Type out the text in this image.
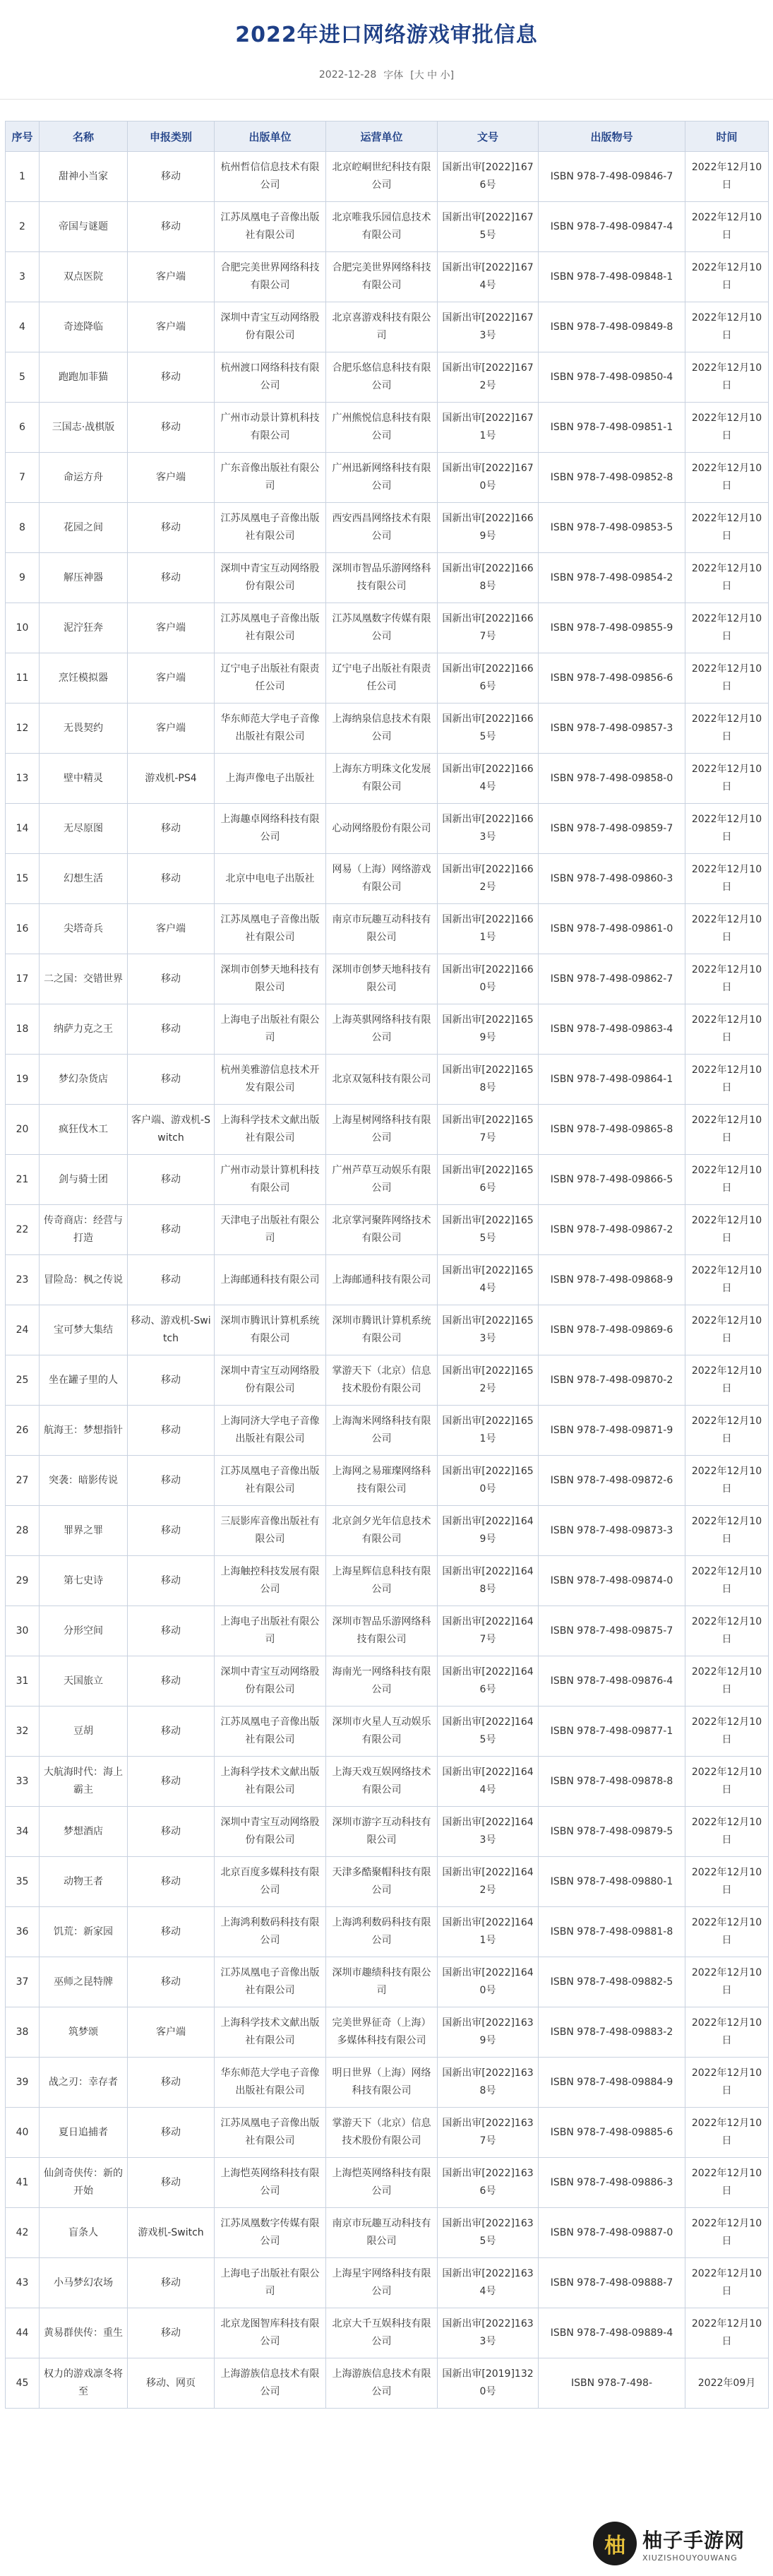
2022年进口网络游戏审批信息
2022-12-28 字体 [大 中 小]
序号	名称	申报类别	出版单位	运营单位	文号	出版物号	时间
1	甜神小当家	移动	杭州哲信信息技术有限公司	北京崆峒世纪科技有限公司	国新出审[2022]1676号	ISBN 978-7-498-09846-7	2022年12月10日
2	帝国与谜题	移动	江苏凤凰电子音像出版社有限公司	北京唯我乐园信息技术有限公司	国新出审[2022]1675号	ISBN 978-7-498-09847-4	2022年12月10日
3	双点医院	客户端	合肥完美世界网络科技有限公司	合肥完美世界网络科技有限公司	国新出审[2022]1674号	ISBN 978-7-498-09848-1	2022年12月10日
4	奇迹降临	客户端	深圳中青宝互动网络股份有限公司	北京喜游戏科技有限公司	国新出审[2022]1673号	ISBN 978-7-498-09849-8	2022年12月10日
5	跑跑加菲猫	移动	杭州渡口网络科技有限公司	合肥乐悠信息科技有限公司	国新出审[2022]1672号	ISBN 978-7-498-09850-4	2022年12月10日
6	三国志·战棋版	移动	广州市动景计算机科技有限公司	广州熊悦信息科技有限公司	国新出审[2022]1671号	ISBN 978-7-498-09851-1	2022年12月10日
7	命运方舟	客户端	广东音像出版社有限公司	广州迅新网络科技有限公司	国新出审[2022]1670号	ISBN 978-7-498-09852-8	2022年12月10日
8	花园之间	移动	江苏凤凰电子音像出版社有限公司	西安西昌网络技术有限公司	国新出审[2022]1669号	ISBN 978-7-498-09853-5	2022年12月10日
9	解压神器	移动	深圳中青宝互动网络股份有限公司	深圳市智品乐游网络科技有限公司	国新出审[2022]1668号	ISBN 978-7-498-09854-2	2022年12月10日
10	泥泞狂奔	客户端	江苏凤凰电子音像出版社有限公司	江苏凤凰数字传媒有限公司	国新出审[2022]1667号	ISBN 978-7-498-09855-9	2022年12月10日
11	烹饪模拟器	客户端	辽宁电子出版社有限责任公司	辽宁电子出版社有限责任公司	国新出审[2022]1666号	ISBN 978-7-498-09856-6	2022年12月10日
12	无畏契约	客户端	华东师范大学电子音像出版社有限公司	上海纳泉信息技术有限公司	国新出审[2022]1665号	ISBN 978-7-498-09857-3	2022年12月10日
13	壁中精灵	游戏机-PS4	上海声像电子出版社	上海东方明珠文化发展有限公司	国新出审[2022]1664号	ISBN 978-7-498-09858-0	2022年12月10日
14	无尽原图	移动	上海趣卓网络科技有限公司	心动网络股份有限公司	国新出审[2022]1663号	ISBN 978-7-498-09859-7	2022年12月10日
15	幻想生活	移动	北京中电电子出版社	网易（上海）网络游戏有限公司	国新出审[2022]1662号	ISBN 978-7-498-09860-3	2022年12月10日
16	尖塔奇兵	客户端	江苏凤凰电子音像出版社有限公司	南京市玩趣互动科技有限公司	国新出审[2022]1661号	ISBN 978-7-498-09861-0	2022年12月10日
17	二之国：交错世界	移动	深圳市创梦天地科技有限公司	深圳市创梦天地科技有限公司	国新出审[2022]1660号	ISBN 978-7-498-09862-7	2022年12月10日
18	纳萨力克之王	移动	上海电子出版社有限公司	上海英骐网络科技有限公司	国新出审[2022]1659号	ISBN 978-7-498-09863-4	2022年12月10日
19	梦幻杂货店	移动	杭州美雅游信息技术开发有限公司	北京双氪科技有限公司	国新出审[2022]1658号	ISBN 978-7-498-09864-1	2022年12月10日
20	疯狂伐木工	客户端、游戏机-Switch	上海科学技术文献出版社有限公司	上海星树网络科技有限公司	国新出审[2022]1657号	ISBN 978-7-498-09865-8	2022年12月10日
21	剑与骑士团	移动	广州市动景计算机科技有限公司	广州芦草互动娱乐有限公司	国新出审[2022]1656号	ISBN 978-7-498-09866-5	2022年12月10日
22	传奇商店：经营与打造	移动	天津电子出版社有限公司	北京掌河聚阵网络技术有限公司	国新出审[2022]1655号	ISBN 978-7-498-09867-2	2022年12月10日
23	冒险岛：枫之传说	移动	上海邮通科技有限公司	上海邮通科技有限公司	国新出审[2022]1654号	ISBN 978-7-498-09868-9	2022年12月10日
24	宝可梦大集结	移动、游戏机-Switch	深圳市腾讯计算机系统有限公司	深圳市腾讯计算机系统有限公司	国新出审[2022]1653号	ISBN 978-7-498-09869-6	2022年12月10日
25	坐在罐子里的人	移动	深圳中青宝互动网络股份有限公司	掌游天下（北京）信息技术股份有限公司	国新出审[2022]1652号	ISBN 978-7-498-09870-2	2022年12月10日
26	航海王：梦想指针	移动	上海同济大学电子音像出版社有限公司	上海淘米网络科技有限公司	国新出审[2022]1651号	ISBN 978-7-498-09871-9	2022年12月10日
27	突袭：暗影传说	移动	江苏凤凰电子音像出版社有限公司	上海网之易璀璨网络科技有限公司	国新出审[2022]1650号	ISBN 978-7-498-09872-6	2022年12月10日
28	罪界之罪	移动	三辰影库音像出版社有限公司	北京剑夕光年信息技术有限公司	国新出审[2022]1649号	ISBN 978-7-498-09873-3	2022年12月10日
29	第七史诗	移动	上海触控科技发展有限公司	上海星辉信息科技有限公司	国新出审[2022]1648号	ISBN 978-7-498-09874-0	2022年12月10日
30	分形空间	移动	上海电子出版社有限公司	深圳市智品乐游网络科技有限公司	国新出审[2022]1647号	ISBN 978-7-498-09875-7	2022年12月10日
31	天国旅立	移动	深圳中青宝互动网络股份有限公司	海南光一网络科技有限公司	国新出审[2022]1646号	ISBN 978-7-498-09876-4	2022年12月10日
32	豆胡	移动	江苏凤凰电子音像出版社有限公司	深圳市火星人互动娱乐有限公司	国新出审[2022]1645号	ISBN 978-7-498-09877-1	2022年12月10日
33	大航海时代：海上霸主	移动	上海科学技术文献出版社有限公司	上海天戏互娱网络技术有限公司	国新出审[2022]1644号	ISBN 978-7-498-09878-8	2022年12月10日
34	梦想酒店	移动	深圳中青宝互动网络股份有限公司	深圳市游字互动科技有限公司	国新出审[2022]1643号	ISBN 978-7-498-09879-5	2022年12月10日
35	动物王者	移动	北京百度多媒科技有限公司	天津多酷聚帽科技有限公司	国新出审[2022]1642号	ISBN 978-7-498-09880-1	2022年12月10日
36	饥荒：新家园	移动	上海鸿利数码科技有限公司	上海鸿利数码科技有限公司	国新出审[2022]1641号	ISBN 978-7-498-09881-8	2022年12月10日
37	巫师之昆特牌	移动	江苏凤凰电子音像出版社有限公司	深圳市趣绩科技有限公司	国新出审[2022]1640号	ISBN 978-7-498-09882-5	2022年12月10日
38	筑梦颂	客户端	上海科学技术文献出版社有限公司	完美世界征奇（上海）多媒体科技有限公司	国新出审[2022]1639号	ISBN 978-7-498-09883-2	2022年12月10日
39	战之刃：幸存者	移动	华东师范大学电子音像出版社有限公司	明日世界（上海）网络科技有限公司	国新出审[2022]1638号	ISBN 978-7-498-09884-9	2022年12月10日
40	夏日追捕者	移动	江苏凤凰电子音像出版社有限公司	掌游天下（北京）信息技术股份有限公司	国新出审[2022]1637号	ISBN 978-7-498-09885-6	2022年12月10日
41	仙剑奇侠传：新的开始	移动	上海恺英网络科技有限公司	上海恺英网络科技有限公司	国新出审[2022]1636号	ISBN 978-7-498-09886-3	2022年12月10日
42	盲条人	游戏机-Switch	江苏凤凰数字传媒有限公司	南京市玩趣互动科技有限公司	国新出审[2022]1635号	ISBN 978-7-498-09887-0	2022年12月10日
43	小马梦幻农场	移动	上海电子出版社有限公司	上海星宇网络科技有限公司	国新出审[2022]1634号	ISBN 978-7-498-09888-7	2022年12月10日
44	黄易群侠传：重生	移动	北京龙图智库科技有限公司	北京大千互娱科技有限公司	国新出审[2022]1633号	ISBN 978-7-498-09889-4	2022年12月10日
45	权力的游戏凛冬将至	移动、网页	上海游族信息技术有限公司	上海游族信息技术有限公司	国新出审[2019]1320号	ISBN 978-7-498-	2022年09月
柚 柚子手游网
XIUZISHOUYOUWANG
